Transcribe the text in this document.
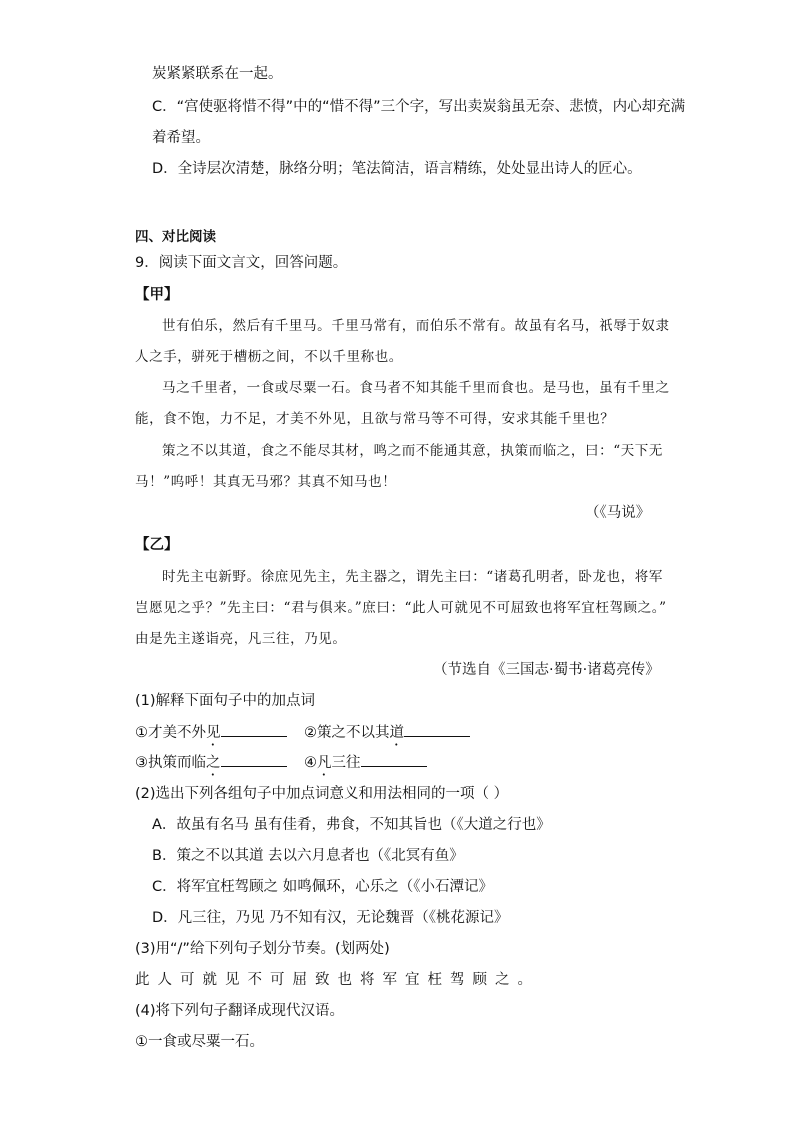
炭紧紧联系在一起。
C．“宫使驱将惜不得”中的“惜不得”三个字，写出卖炭翁虽无奈、悲愤，内心却充满
着希望。
D．全诗层次清楚，脉络分明；笔法简洁，语言精练，处处显出诗人的匠心。
四、对比阅读
9．阅读下面文言文，回答问题。
【甲】
世有伯乐，然后有千里马。千里马常有，而伯乐不常有。故虽有名马，祇辱于奴隶
人之手，骈死于槽枥之间，不以千里称也。
马之千里者，一食或尽粟一石。食马者不知其能千里而食也。是马也，虽有千里之
能，食不饱，力不足，才美不外见，且欲与常马等不可得，安求其能千里也？
策之不以其道，食之不能尽其材，鸣之而不能通其意，执策而临之，曰：“天下无
马！”呜呼！其真无马邪？其真不知马也！
（《马说》
【乙】
时先主屯新野。徐庶见先主，先主器之，谓先主曰：“诸葛孔明者，卧龙也，将军
岂愿见之乎？”先主曰：“君与俱来。”庶曰：“此人可就见不可屈致也将军宜枉驾顾之。”
由是先主遂诣亮，凡三往，乃见。
（节选自《三国志·蜀书·诸葛亮传》
(1)解释下面句子中的加点词
①才美不外见	②策之不以其道
③执策而临之	④凡三往
(2)选出下列各组句子中加点词意义和用法相同的一项（ ）
A．故虽有名马 虽有佳肴，弗食，不知其旨也（《大道之行也》
B．策之不以其道 去以六月息者也（《北冥有鱼》
C．将军宜枉驾顾之 如鸣佩环，心乐之（《小石潭记》
D．凡三往，乃见 乃不知有汉，无论魏晋（《桃花源记》
(3)用“/”给下列句子划分节奏。(划两处)
此人可就见不可屈致也将军宜枉驾顾之。
(4)将下列句子翻译成现代汉语。
①一食或尽粟一石。
